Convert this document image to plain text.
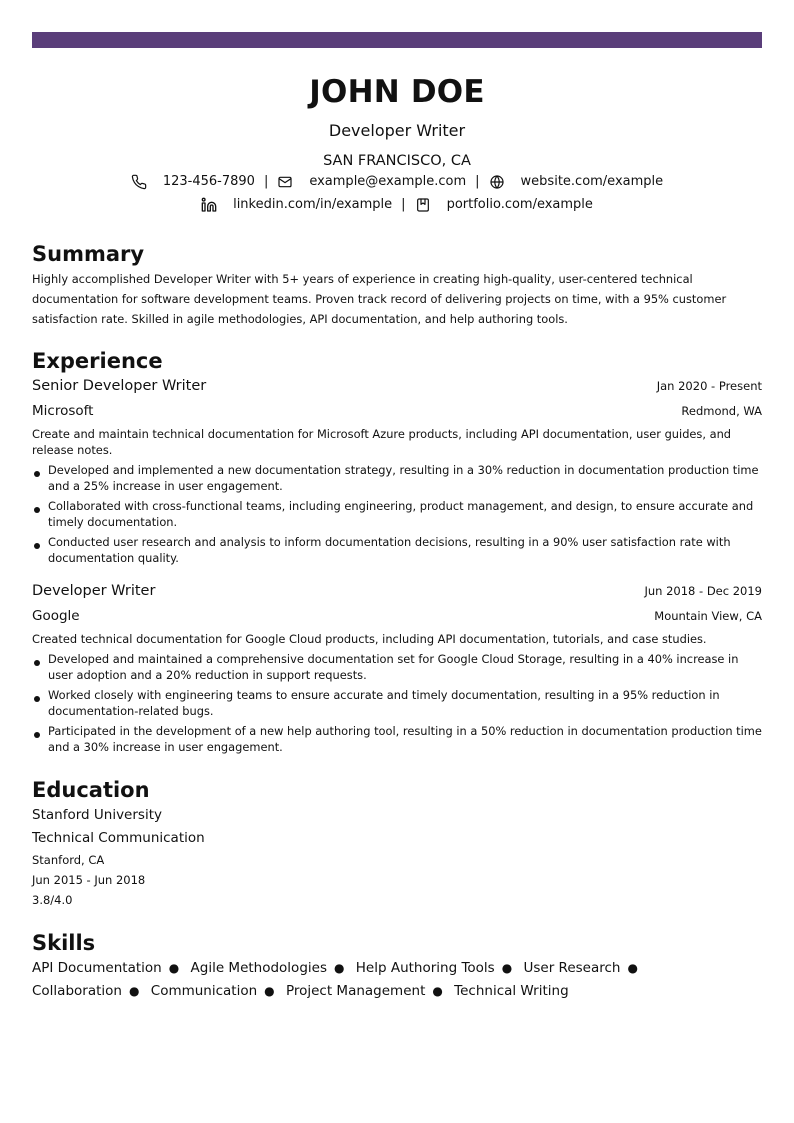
JOHN DOE
Developer Writer
SAN FRANCISCO, CA
123-456-7890 |	example@example.com |	website.com/example
linkedin.com/in/example |	portfolio.com/example
Summary
Highly accomplished Developer Writer with 5+ years of experience in creating high-quality, user-centered technical documentation for software development teams. Proven track record of delivering projects on time, with a 95% customer satisfaction rate. Skilled in agile methodologies, API documentation, and help authoring tools.
Experience
Senior Developer Writer	Jan 2020 - Present
Microsoft	Redmond, WA
Create and maintain technical documentation for Microsoft Azure products, including API documentation, user guides, and release notes.
Developed and implemented a new documentation strategy, resulting in a 30% reduction in documentation production time and a 25% increase in user engagement.
Collaborated with cross-functional teams, including engineering, product management, and design, to ensure accurate and timely documentation.
Conducted user research and analysis to inform documentation decisions, resulting in a 90% user satisfaction rate with documentation quality.
Developer Writer	Jun 2018 - Dec 2019
Google	Mountain View, CA
Created technical documentation for Google Cloud products, including API documentation, tutorials, and case studies.
Developed and maintained a comprehensive documentation set for Google Cloud Storage, resulting in a 40% increase in user adoption and a 20% reduction in support requests.
Worked closely with engineering teams to ensure accurate and timely documentation, resulting in a 95% reduction in documentation-related bugs.
Participated in the development of a new help authoring tool, resulting in a 50% reduction in documentation production time and a 30% increase in user engagement.
Education
Stanford University
Technical Communication
Stanford, CA
Jun 2015 - Jun 2018
3.8/4.0
Skills
API Documentation ● Agile Methodologies ● Help Authoring Tools ● User Research ● Collaboration ● Communication ● Project Management ● Technical Writing
